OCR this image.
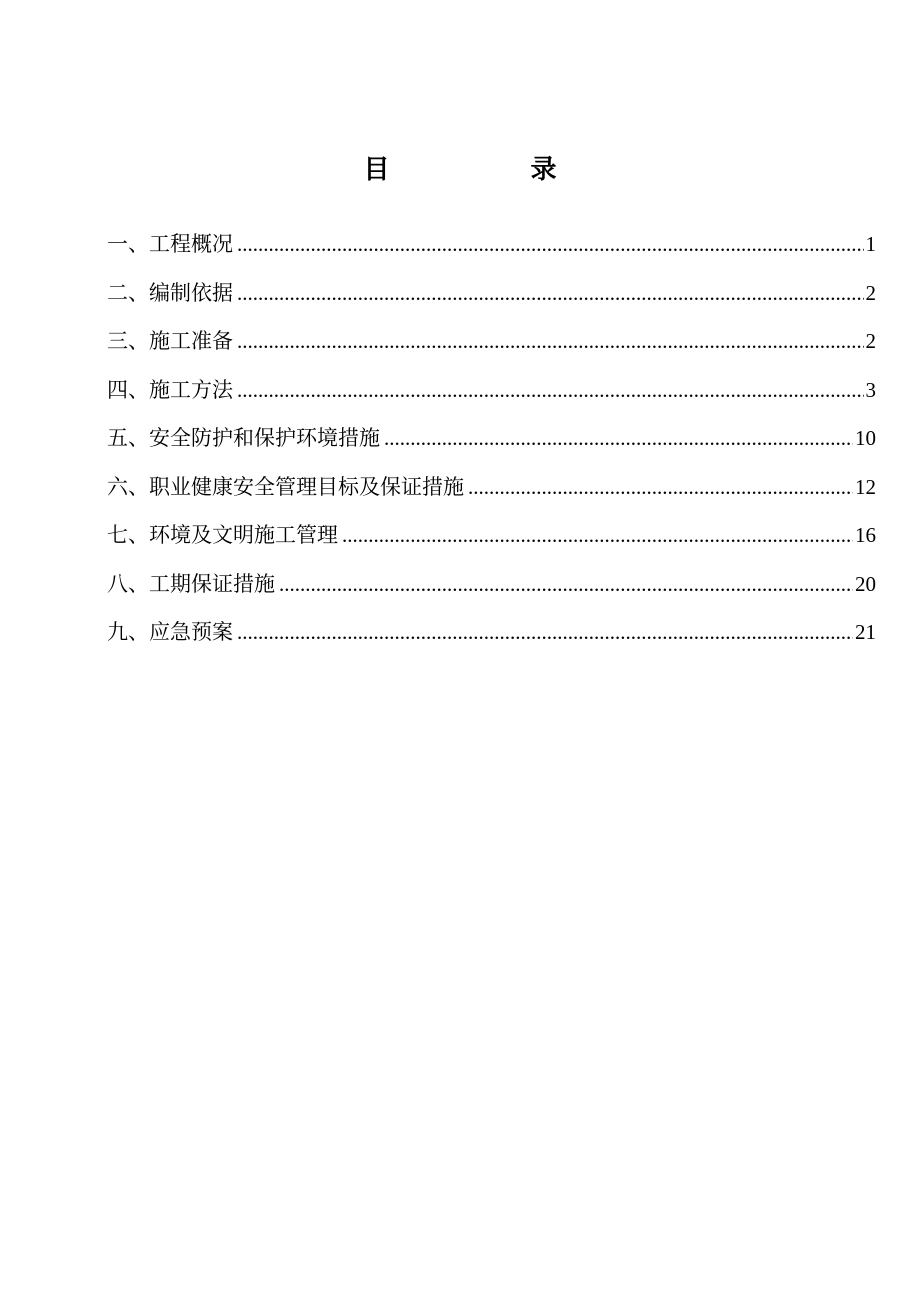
目 录
一、工程概况 .....	1
二、编制依据 .....	2
三、施工准备 .....	2
四、施工方法 .....	3
五、安全防护和保护环境措施 .....	10
六、职业健康安全管理目标及保证措施 .....	12
七、环境及文明施工管理 .....	16
八、工期保证措施 .....	20
九、应急预案 .....	21
